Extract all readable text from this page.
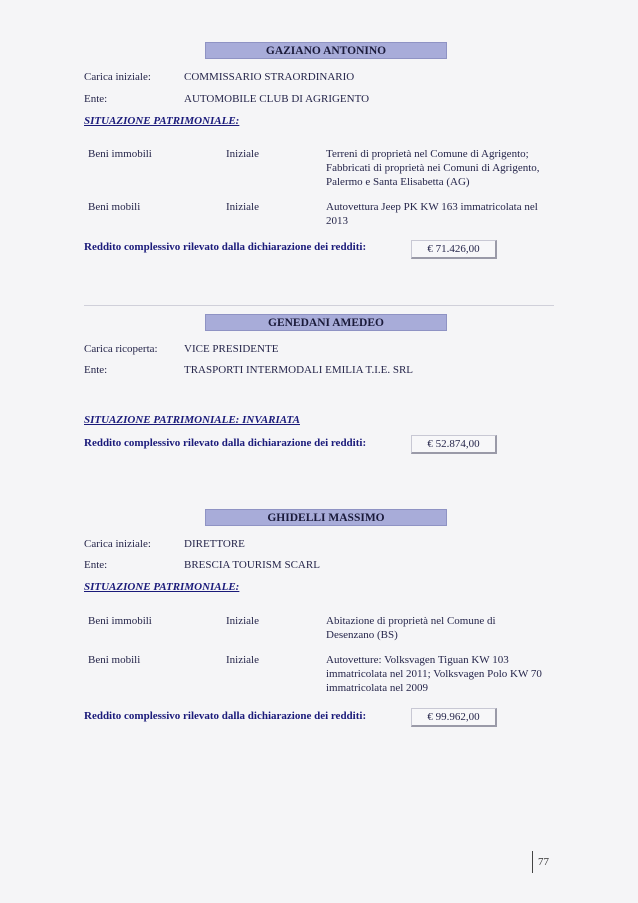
GAZIANO ANTONINO
Carica iniziale:	COMMISSARIO STRAORDINARIO
Ente:	AUTOMOBILE CLUB DI AGRIGENTO
SITUAZIONE PATRIMONIALE:
Beni immobili	Iniziale	Terreni di proprietà nel Comune di Agrigento;
Fabbricati di proprietà nei Comuni di Agrigento,
Palermo e Santa Elisabetta (AG)
Beni mobili	Iniziale	Autovettura Jeep PK KW 163 immatricolata nel
2013
Reddito complessivo rilevato dalla dichiarazione dei redditi:	€ 71.426,00
GENEDANI AMEDEO
Carica ricoperta: VICE PRESIDENTE
Ente:	TRASPORTI INTERMODALI EMILIA T.I.E. SRL
SITUAZIONE PATRIMONIALE: INVARIATA
Reddito complessivo rilevato dalla dichiarazione dei redditi:	€ 52.874,00
GHIDELLI MASSIMO
Carica iniziale:	DIRETTORE
Ente:	BRESCIA TOURISM SCARL
SITUAZIONE PATRIMONIALE:
Beni immobili	Iniziale	Abitazione di proprietà nel Comune di
Desenzano (BS)
Beni mobili	Iniziale	Autovetture: Volksvagen Tiguan KW 103
immatricolata nel 2011; Volksvagen Polo KW 70
immatricolata nel 2009
Reddito complessivo rilevato dalla dichiarazione dei redditi:	€ 99.962,00
77
